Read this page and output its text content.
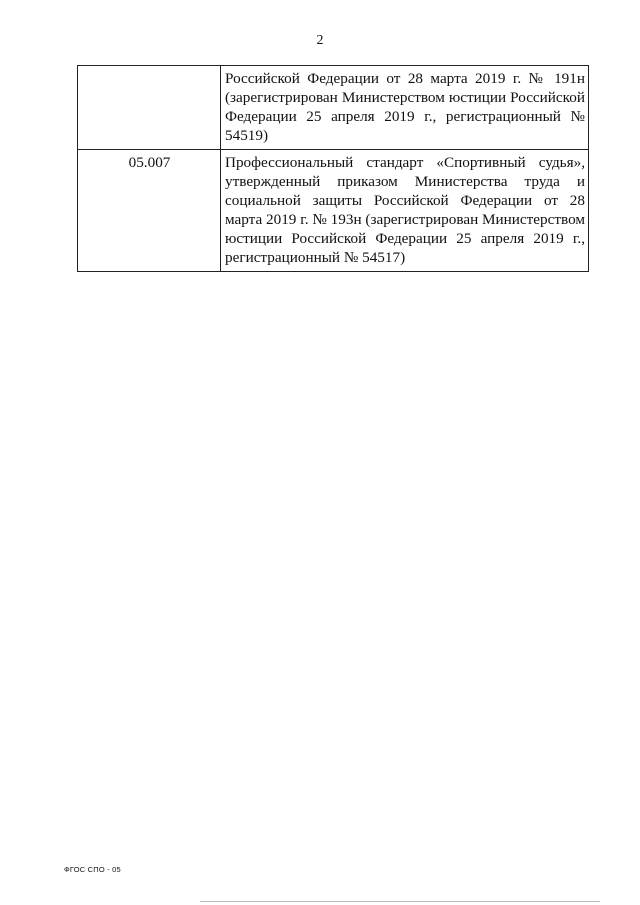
2
	Российской Федерации от 28 марта 2019 г. № 191н (зарегистрирован Министерством юстиции Российской Федерации 25 апреля 2019 г., регистрационный № 54519)
05.007	Профессиональный стандарт «Спортивный судья», утвержденный приказом Министерства труда и социальной защиты Российской Федерации от 28 марта 2019 г. № 193н (зарегистрирован Министерством юстиции Российской Федерации 25 апреля 2019 г., регистрационный № 54517)
ФГОС СПО - 05
